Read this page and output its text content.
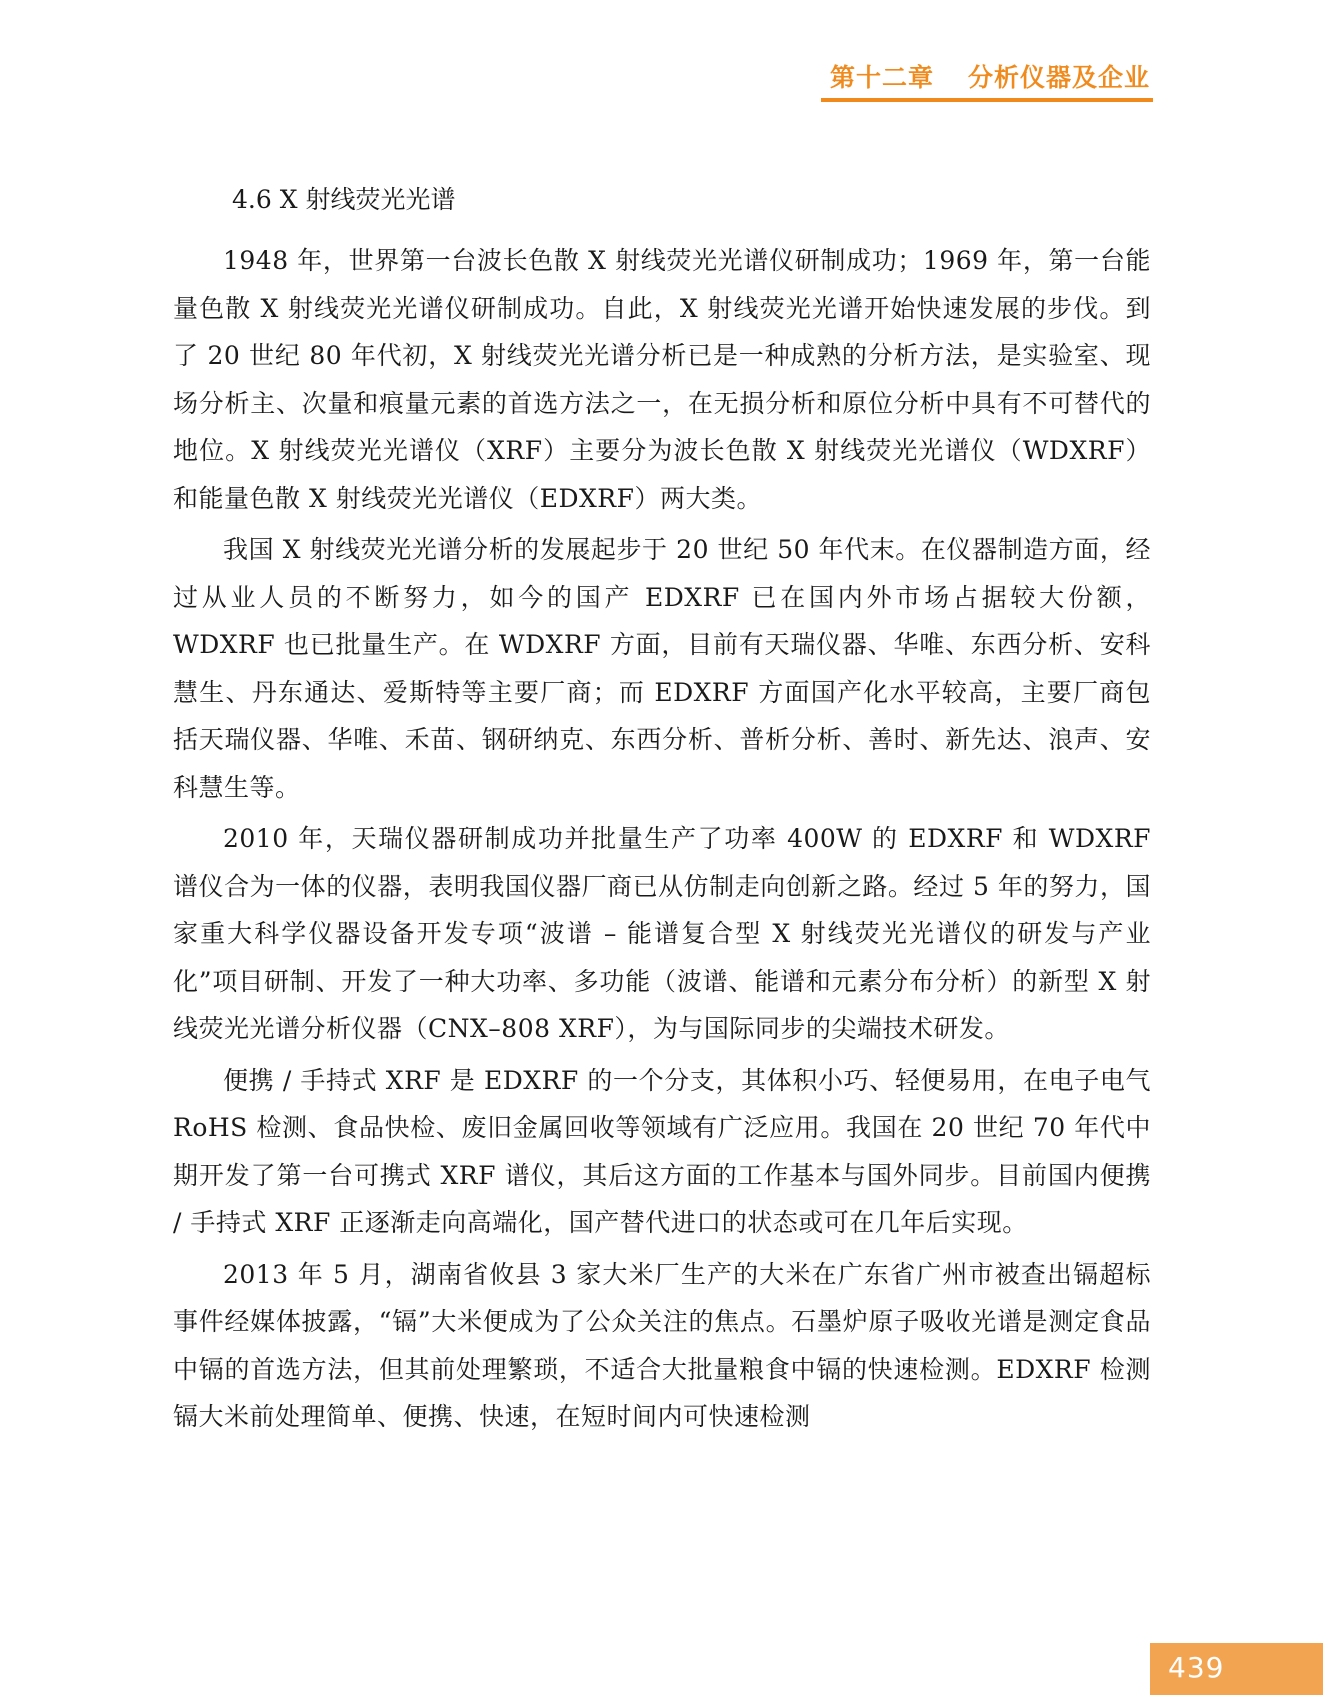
第十二章 分析仪器及企业
4.6 X 射线荧光光谱

1948 年，世界第一台波长色散 X 射线荧光光谱仪研制成功；1969 年，第一台能量色散 X 射线荧光光谱仪研制成功。自此，X 射线荧光光谱开始快速发展的步伐。到了 20 世纪 80 年代初，X 射线荧光光谱分析已是一种成熟的分析方法，是实验室、现场分析主、次量和痕量元素的首选方法之一，在无损分析和原位分析中具有不可替代的地位。X 射线荧光光谱仪（XRF）主要分为波长色散 X 射线荧光光谱仪（WDXRF）和能量色散 X 射线荧光光谱仪（EDXRF）两大类。

我国 X 射线荧光光谱分析的发展起步于 20 世纪 50 年代末。在仪器制造方面，经过从业人员的不断努力，如今的国产 EDXRF 已在国内外市场占据较大份额，WDXRF 也已批量生产。在 WDXRF 方面，目前有天瑞仪器、华唯、东西分析、安科慧生、丹东通达、爱斯特等主要厂商；而 EDXRF 方面国产化水平较高，主要厂商包括天瑞仪器、华唯、禾苗、钢研纳克、东西分析、普析分析、善时、新先达、浪声、安科慧生等。

2010 年，天瑞仪器研制成功并批量生产了功率 400W 的 EDXRF 和 WDXRF 谱仪合为一体的仪器，表明我国仪器厂商已从仿制走向创新之路。经过 5 年的努力，国家重大科学仪器设备开发专项“波谱 – 能谱复合型 X 射线荧光光谱仪的研发与产业化”项目研制、开发了一种大功率、多功能（波谱、能谱和元素分布分析）的新型 X 射线荧光光谱分析仪器（CNX–808 XRF），为与国际同步的尖端技术研发。

便携 / 手持式 XRF 是 EDXRF 的一个分支，其体积小巧、轻便易用，在电子电气 RoHS 检测、食品快检、废旧金属回收等领域有广泛应用。我国在 20 世纪 70 年代中期开发了第一台可携式 XRF 谱仪，其后这方面的工作基本与国外同步。目前国内便携 / 手持式 XRF 正逐渐走向高端化，国产替代进口的状态或可在几年后实现。

2013 年 5 月，湖南省攸县 3 家大米厂生产的大米在广东省广州市被查出镉超标事件经媒体披露，“镉”大米便成为了公众关注的焦点。石墨炉原子吸收光谱是测定食品中镉的首选方法，但其前处理繁琐，不适合大批量粮食中镉的快速检测。EDXRF 检测镉大米前处理简单、便携、快速，在短时间内可快速检测

439
